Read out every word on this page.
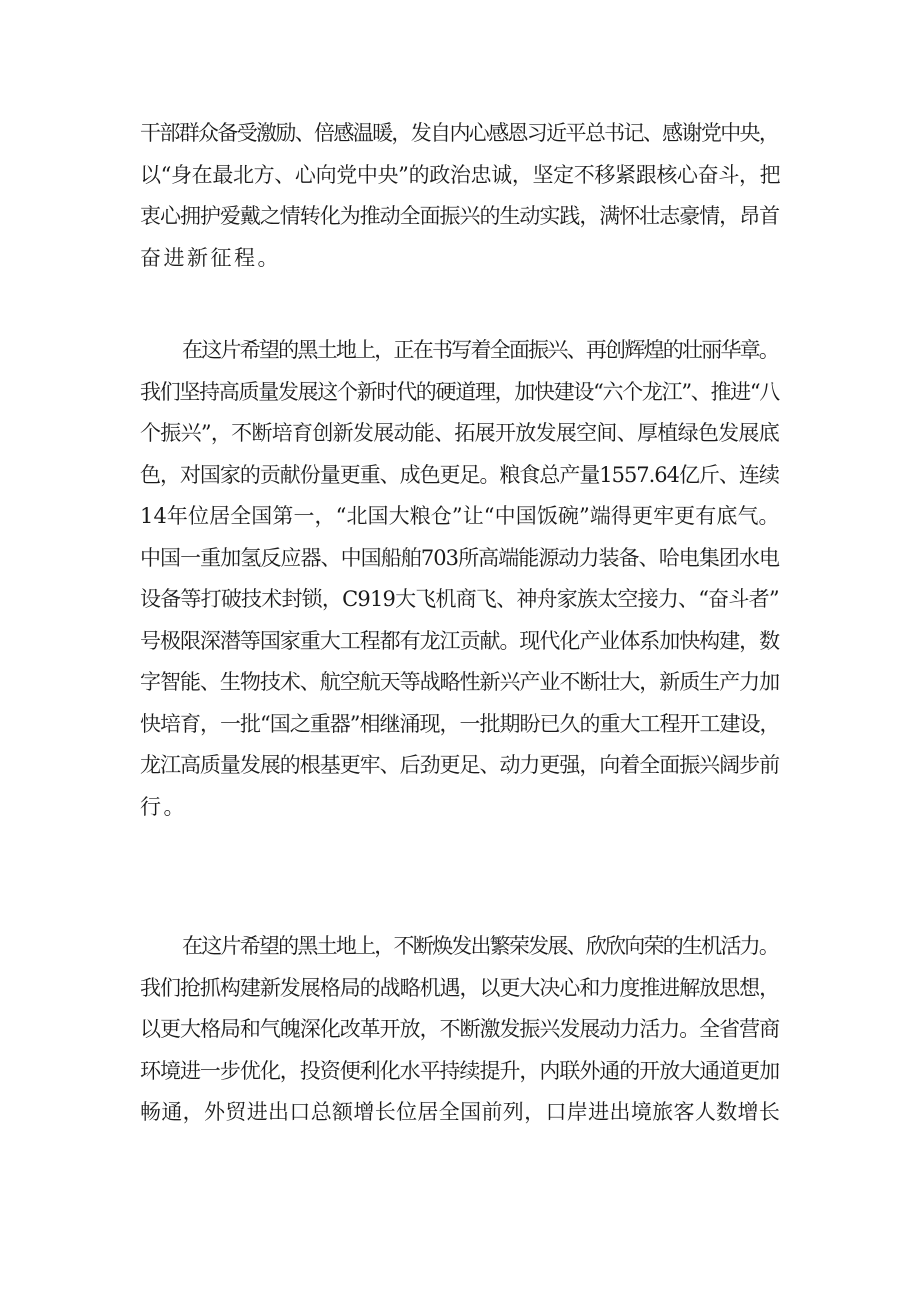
干部群众备受激励、倍感温暖，发自内心感恩习近平总书记、感谢党中央，
以“身在最北方、心向党中央”的政治忠诚，坚定不移紧跟核心奋斗，把
衷心拥护爱戴之情转化为推动全面振兴的生动实践，满怀壮志豪情，昂首
奋进新征程。
在这片希望的黑土地上，正在书写着全面振兴、再创辉煌的壮丽华章。
我们坚持高质量发展这个新时代的硬道理，加快建设“六个龙江”、推进“八
个振兴”，不断培育创新发展动能、拓展开放发展空间、厚植绿色发展底
色，对国家的贡献份量更重、成色更足。粮食总产量1557.64亿斤、连续
14年位居全国第一，“北国大粮仓”让“中国饭碗”端得更牢更有底气。
中国一重加氢反应器、中国船舶703所高端能源动力装备、哈电集团水电
设备等打破技术封锁，C919大飞机商飞、神舟家族太空接力、“奋斗者”
号极限深潜等国家重大工程都有龙江贡献。现代化产业体系加快构建，数
字智能、生物技术、航空航天等战略性新兴产业不断壮大，新质生产力加
快培育，一批“国之重器”相继涌现，一批期盼已久的重大工程开工建设，
龙江高质量发展的根基更牢、后劲更足、动力更强，向着全面振兴阔步前
行。
在这片希望的黑土地上，不断焕发出繁荣发展、欣欣向荣的生机活力。
我们抢抓构建新发展格局的战略机遇，以更大决心和力度推进解放思想，
以更大格局和气魄深化改革开放，不断激发振兴发展动力活力。全省营商
环境进一步优化，投资便利化水平持续提升，内联外通的开放大通道更加
畅通，外贸进出口总额增长位居全国前列，口岸进出境旅客人数增长
